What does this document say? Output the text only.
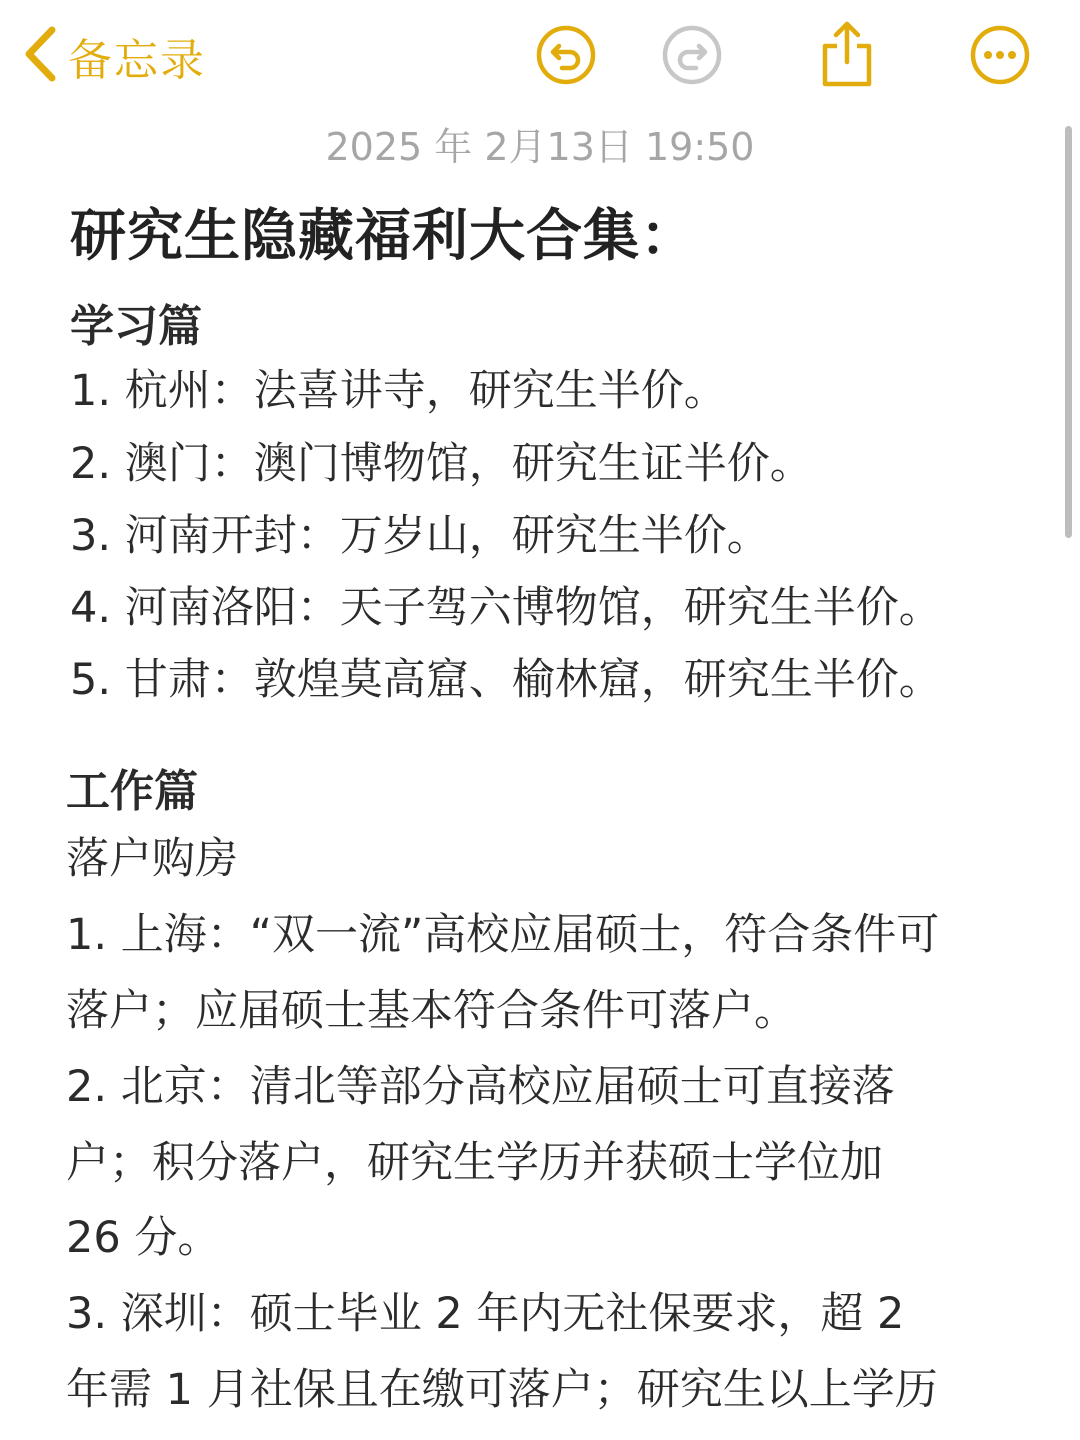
备忘录
2025 年 2月13日 19:50
研究生隐藏福利大合集：
学习篇
1. 杭州：法喜讲寺，研究生半价。
2. 澳门：澳门博物馆，研究生证半价。
3. 河南开封：万岁山，研究生半价。
4. 河南洛阳：天子驾六博物馆，研究生半价。
5. 甘肃：敦煌莫高窟、榆林窟，研究生半价。
工作篇
落户购房
1. 上海：“双一流”高校应届硕士，符合条件可
落户；应届硕士基本符合条件可落户。
2. 北京：清北等部分高校应届硕士可直接落
户；积分落户，研究生学历并获硕士学位加
26 分。
3. 深圳：硕士毕业 2 年内无社保要求，超 2
年需 1 月社保且在缴可落户；研究生以上学历
